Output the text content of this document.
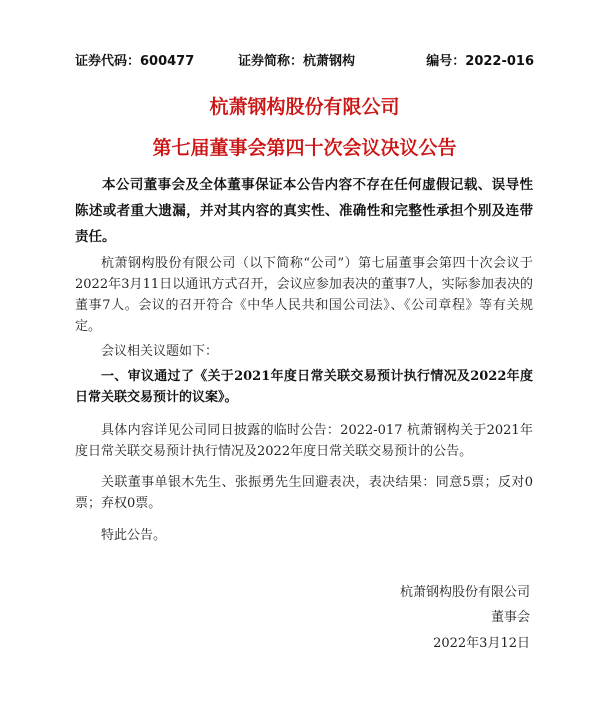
证券代码：600477	证券简称：杭萧钢构	编号：2022-016
杭萧钢构股份有限公司
第七届董事会第四十次会议决议公告
本公司董事会及全体董事保证本公告内容不存在任何虚假记载、误导性陈述或者重大遗漏，并对其内容的真实性、准确性和完整性承担个别及连带责任。
杭萧钢构股份有限公司（以下简称“公司”）第七届董事会第四十次会议于2022年3月11日以通讯方式召开，会议应参加表决的董事7人，实际参加表决的董事7人。会议的召开符合《中华人民共和国公司法》、《公司章程》等有关规定。
会议相关议题如下：
一、审议通过了《关于2021年度日常关联交易预计执行情况及2022年度日常关联交易预计的议案》。
具体内容详见公司同日披露的临时公告：2022-017 杭萧钢构关于2021年度日常关联交易预计执行情况及2022年度日常关联交易预计的公告。
关联董事单银木先生、张振勇先生回避表决，表决结果：同意5票；反对0票；弃权0票。
特此公告。
杭萧钢构股份有限公司
董事会
2022年3月12日
